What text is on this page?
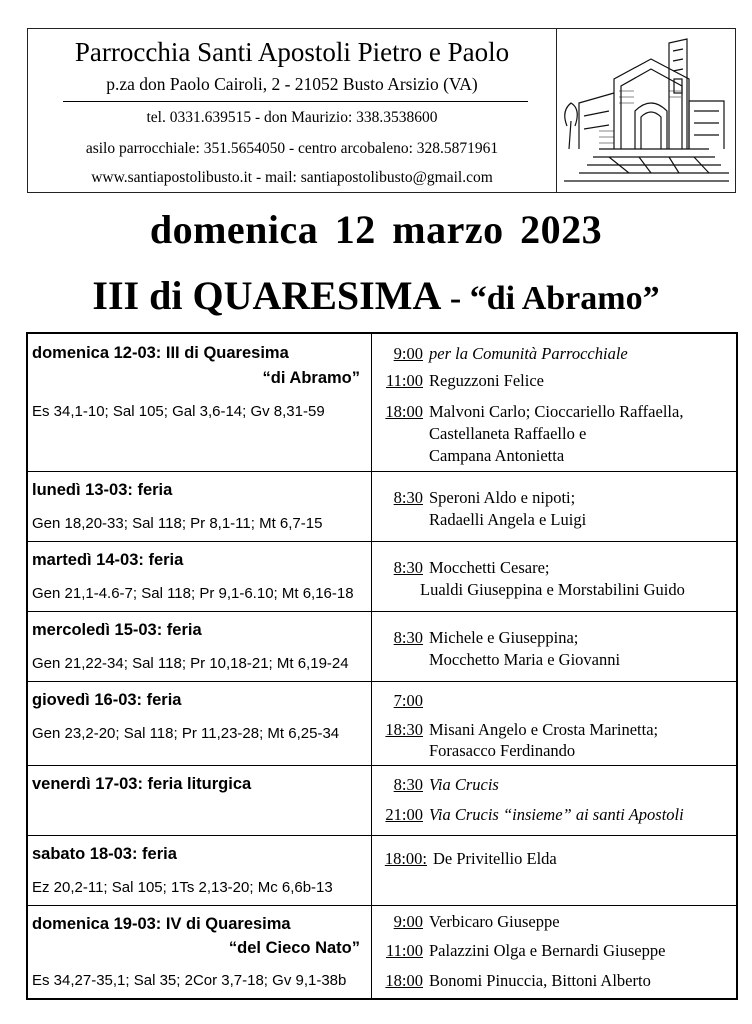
Parrocchia Santi Apostoli Pietro e Paolo
p.za don Paolo Cairoli, 2 - 21052 Busto Arsizio (VA)
tel. 0331.639515 - don Maurizio: 338.3538600
asilo parrocchiale: 351.5654050 - centro arcobaleno: 328.5871961
www.santiapostolibusto.it - mail: santiapostolibusto@gmail.com
domenica 12 marzo 2023
III di QUARESIMA - “di Abramo”
domenica 12-03: III di Quaresima
“di Abramo”
Es 34,1-10; Sal 105; Gal 3,6-14; Gv 8,31-59
9:00 per la Comunità Parrocchiale
11:00 Reguzzoni Felice
18:00 Malvoni Carlo; Cioccariello Raffaella,
Castellaneta Raffaello e
Campana Antonietta
lunedì 13-03: feria
Gen 18,20-33; Sal 118; Pr 8,1-11; Mt 6,7-15
8:30 Speroni Aldo e nipoti;
Radaelli Angela e Luigi
martedì 14-03: feria
Gen 21,1-4.6-7; Sal 118; Pr 9,1-6.10; Mt 6,16-18
8:30 Mocchetti Cesare;
Lualdi Giuseppina e Morstabilini Guido
mercoledì 15-03: feria
Gen 21,22-34; Sal 118; Pr 10,18-21; Mt 6,19-24
8:30 Michele e Giuseppina;
Mocchetto Maria e Giovanni
giovedì 16-03: feria
Gen 23,2-20; Sal 118; Pr 11,23-28; Mt 6,25-34
7:00
18:30 Misani Angelo e Crosta Marinetta;
Forasacco Ferdinando
venerdì 17-03: feria liturgica	8:30 Via Crucis
21:00 Via Crucis “insieme” ai santi Apostoli
sabato 18-03: feria
Ez 20,2-11; Sal 105; 1Ts 2,13-20; Mc 6,6b-13
18:00: De Privitellio Elda
domenica 19-03: IV di Quaresima
“del Cieco Nato”
Es 34,27-35,1; Sal 35; 2Cor 3,7-18; Gv 9,1-38b
9:00 Verbicaro Giuseppe
11:00 Palazzini Olga e Bernardi Giuseppe
18:00 Bonomi Pinuccia, Bittoni Alberto
